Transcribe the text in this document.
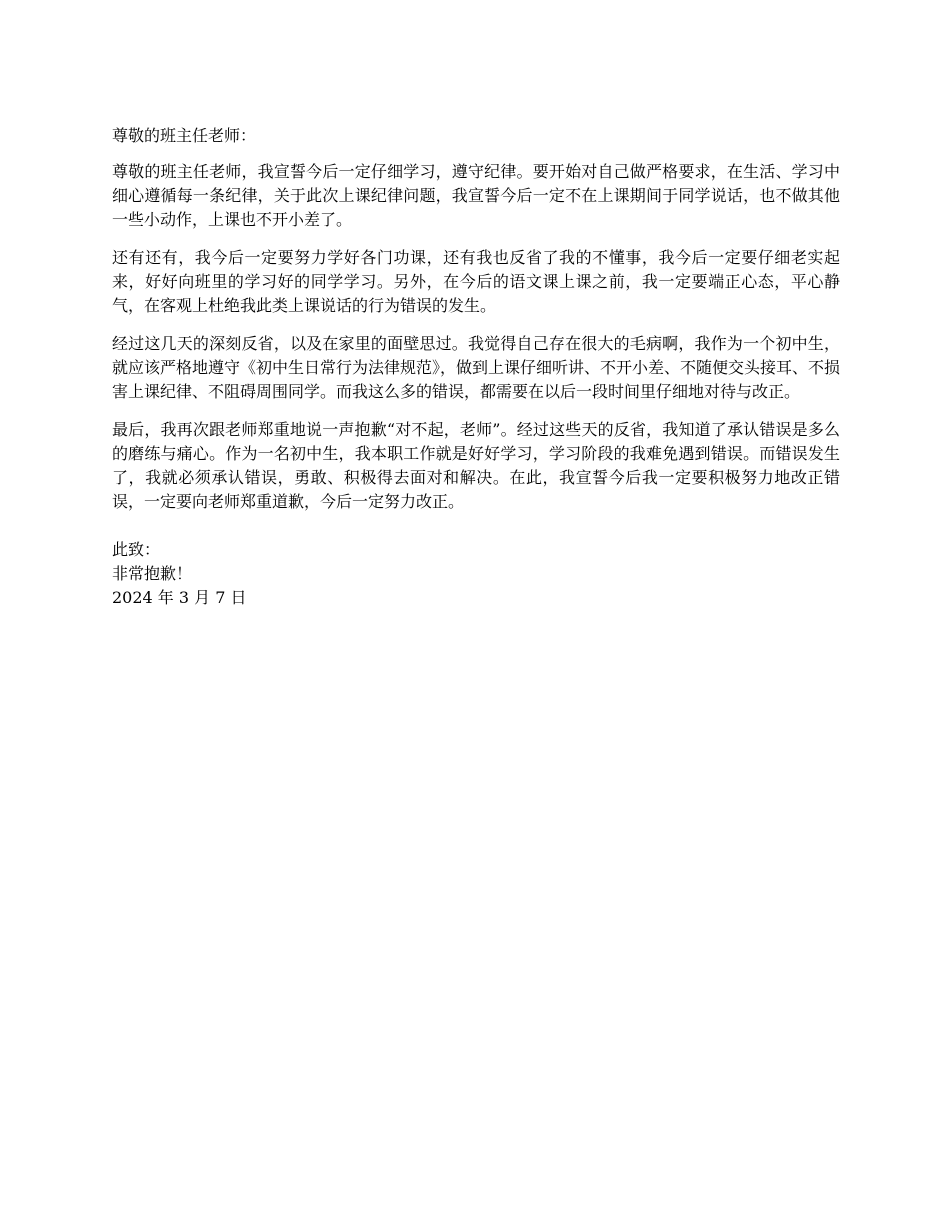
尊敬的班主任老师：

尊敬的班主任老师，我宣誓今后一定仔细学习，遵守纪律。要开始对自己做严格要求，在生活、学习中细心遵循每一条纪律，关于此次上课纪律问题，我宣誓今后一定不在上课期间于同学说话，也不做其他一些小动作，上课也不开小差了。

还有还有，我今后一定要努力学好各门功课，还有我也反省了我的不懂事，我今后一定要仔细老实起来，好好向班里的学习好的同学学习。另外，在今后的语文课上课之前，我一定要端正心态，平心静气，在客观上杜绝我此类上课说话的行为错误的发生。

经过这几天的深刻反省，以及在家里的面壁思过。我觉得自己存在很大的毛病啊，我作为一个初中生，就应该严格地遵守《初中生日常行为法律规范》，做到上课仔细听讲、不开小差、不随便交头接耳、不损害上课纪律、不阻碍周围同学。而我这么多的错误，都需要在以后一段时间里仔细地对待与改正。

最后，我再次跟老师郑重地说一声抱歉“对不起，老师”。经过这些天的反省，我知道了承认错误是多么的磨练与痛心。作为一名初中生，我本职工作就是好好学习，学习阶段的我难免遇到错误。而错误发生了，我就必须承认错误，勇敢、积极得去面对和解决。在此，我宣誓今后我一定要积极努力地改正错误，一定要向老师郑重道歉，今后一定努力改正。

此致：
非常抱歉！
2024 年 3 月 7 日
